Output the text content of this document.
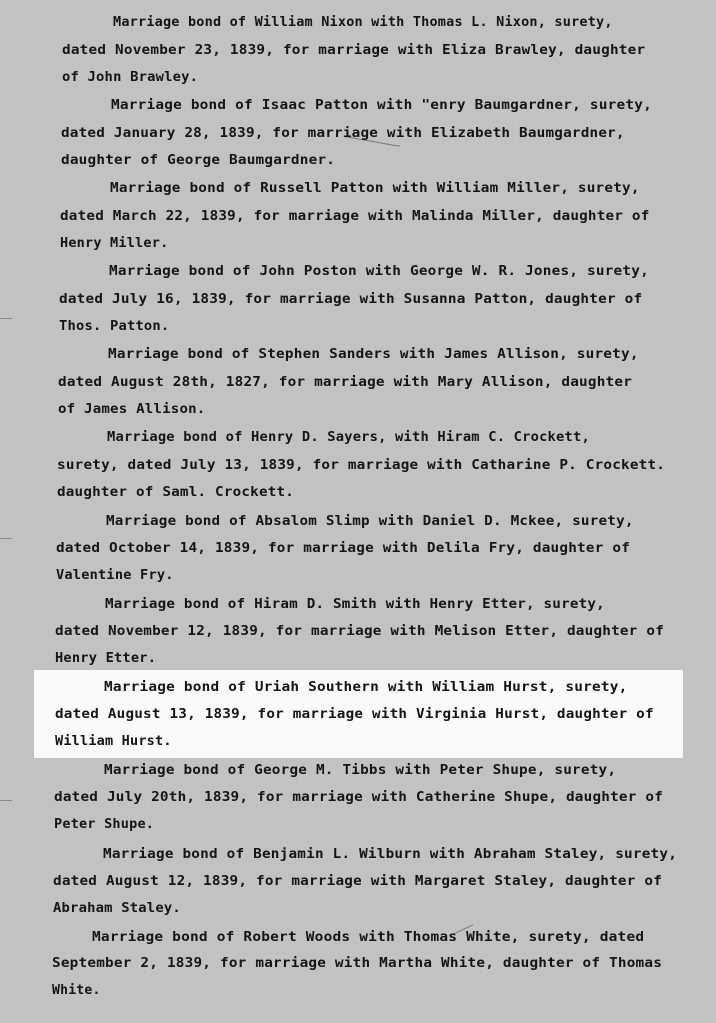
Marriage bond of William Nixon with Thomas L. Nixon, surety,
dated November 23, 1839, for marriage with Eliza Brawley, daughter
of John Brawley.
Marriage bond of Isaac Patton with "enry Baumgardner, surety,
dated January 28, 1839, for marriage with Elizabeth Baumgardner,
daughter of George Baumgardner.
Marriage bond of Russell Patton with William Miller, surety,
dated March 22, 1839, for marriage with Malinda Miller, daughter of
Henry Miller.
Marriage bond of John Poston with George W. R. Jones, surety,
dated July 16, 1839, for marriage with Susanna Patton, daughter of
Thos. Patton.
Marriage bond of Stephen Sanders with James Allison, surety,
dated August 28th, 1827, for marriage with Mary Allison, daughter
of James Allison.
Marriage bond of Henry D. Sayers, with Hiram C. Crockett,
surety, dated July 13, 1839, for marriage with Catharine P. Crockett.
daughter of Saml. Crockett.
Marriage bond of Absalom Slimp with Daniel D. Mckee, surety,
dated October 14, 1839, for marriage with Delila Fry, daughter of
Valentine Fry.
Marriage bond of Hiram D. Smith with Henry Etter, surety,
dated November 12, 1839, for marriage with Melison Etter, daughter of
Henry Etter.
Marriage bond of Uriah Southern with William Hurst, surety,
dated August 13, 1839, for marriage with Virginia Hurst, daughter of
William Hurst.
Marriage bond of George M. Tibbs with Peter Shupe, surety,
dated July 20th, 1839, for marriage with Catherine Shupe, daughter of
Peter Shupe.
Marriage bond of Benjamin L. Wilburn with Abraham Staley, surety,
dated August 12, 1839, for marriage with Margaret Staley, daughter of
Abraham Staley.
Marriage bond of Robert Woods with Thomas White, surety, dated
September 2, 1839, for marriage with Martha White, daughter of Thomas
White.
